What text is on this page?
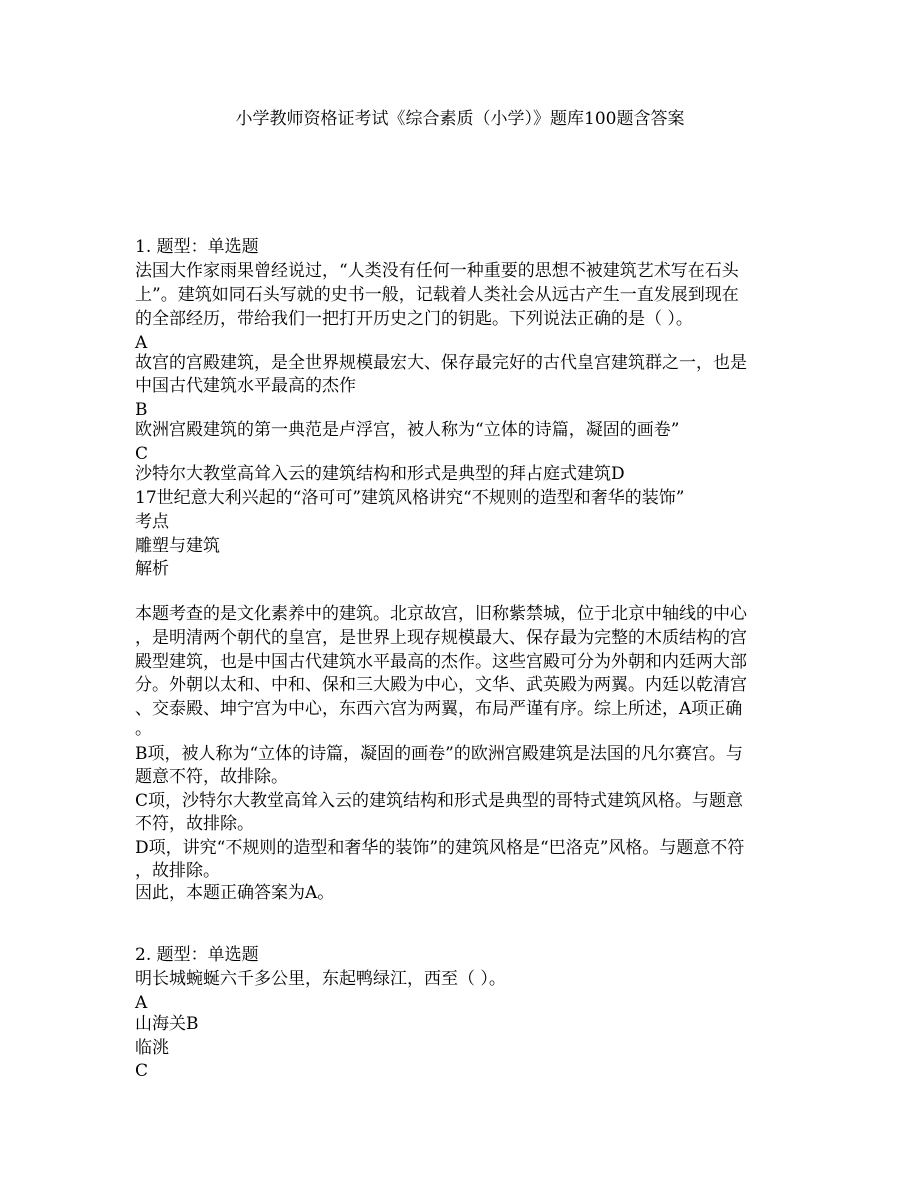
小学教师资格证考试《综合素质（小学）》题库100题含答案
1. 题型：单选题
法国大作家雨果曾经说过，“人类没有任何一种重要的思想不被建筑艺术写在石头
上”。建筑如同石头写就的史书一般，记载着人类社会从远古产生一直发展到现在
的全部经历，带给我们一把打开历史之门的钥匙。下列说法正确的是（ ）。
A
故宫的宫殿建筑，是全世界规模最宏大、保存最完好的古代皇宫建筑群之一，也是
中国古代建筑水平最高的杰作
B
欧洲宫殿建筑的第一典范是卢浮宫，被人称为“立体的诗篇，凝固的画卷”
C
沙特尔大教堂高耸入云的建筑结构和形式是典型的拜占庭式建筑D
17世纪意大利兴起的“洛可可”建筑风格讲究“不规则的造型和奢华的装饰”
考点
雕塑与建筑
解析
本题考查的是文化素养中的建筑。北京故宫，旧称紫禁城，位于北京中轴线的中心
，是明清两个朝代的皇宫，是世界上现存规模最大、保存最为完整的木质结构的宫
殿型建筑，也是中国古代建筑水平最高的杰作。这些宫殿可分为外朝和内廷两大部
分。外朝以太和、中和、保和三大殿为中心，文华、武英殿为两翼。内廷以乾清宫
、交泰殿、坤宁宫为中心，东西六宫为两翼，布局严谨有序。综上所述，A项正确
。
B项，被人称为“立体的诗篇，凝固的画卷”的欧洲宫殿建筑是法国的凡尔赛宫。与
题意不符，故排除。
C项，沙特尔大教堂高耸入云的建筑结构和形式是典型的哥特式建筑风格。与题意
不符，故排除。
D项，讲究“不规则的造型和奢华的装饰”的建筑风格是“巴洛克”风格。与题意不符
，故排除。
因此，本题正确答案为A。
2. 题型：单选题
明长城蜿蜒六千多公里，东起鸭绿江，西至（ ）。
A
山海关B
临洮
C
